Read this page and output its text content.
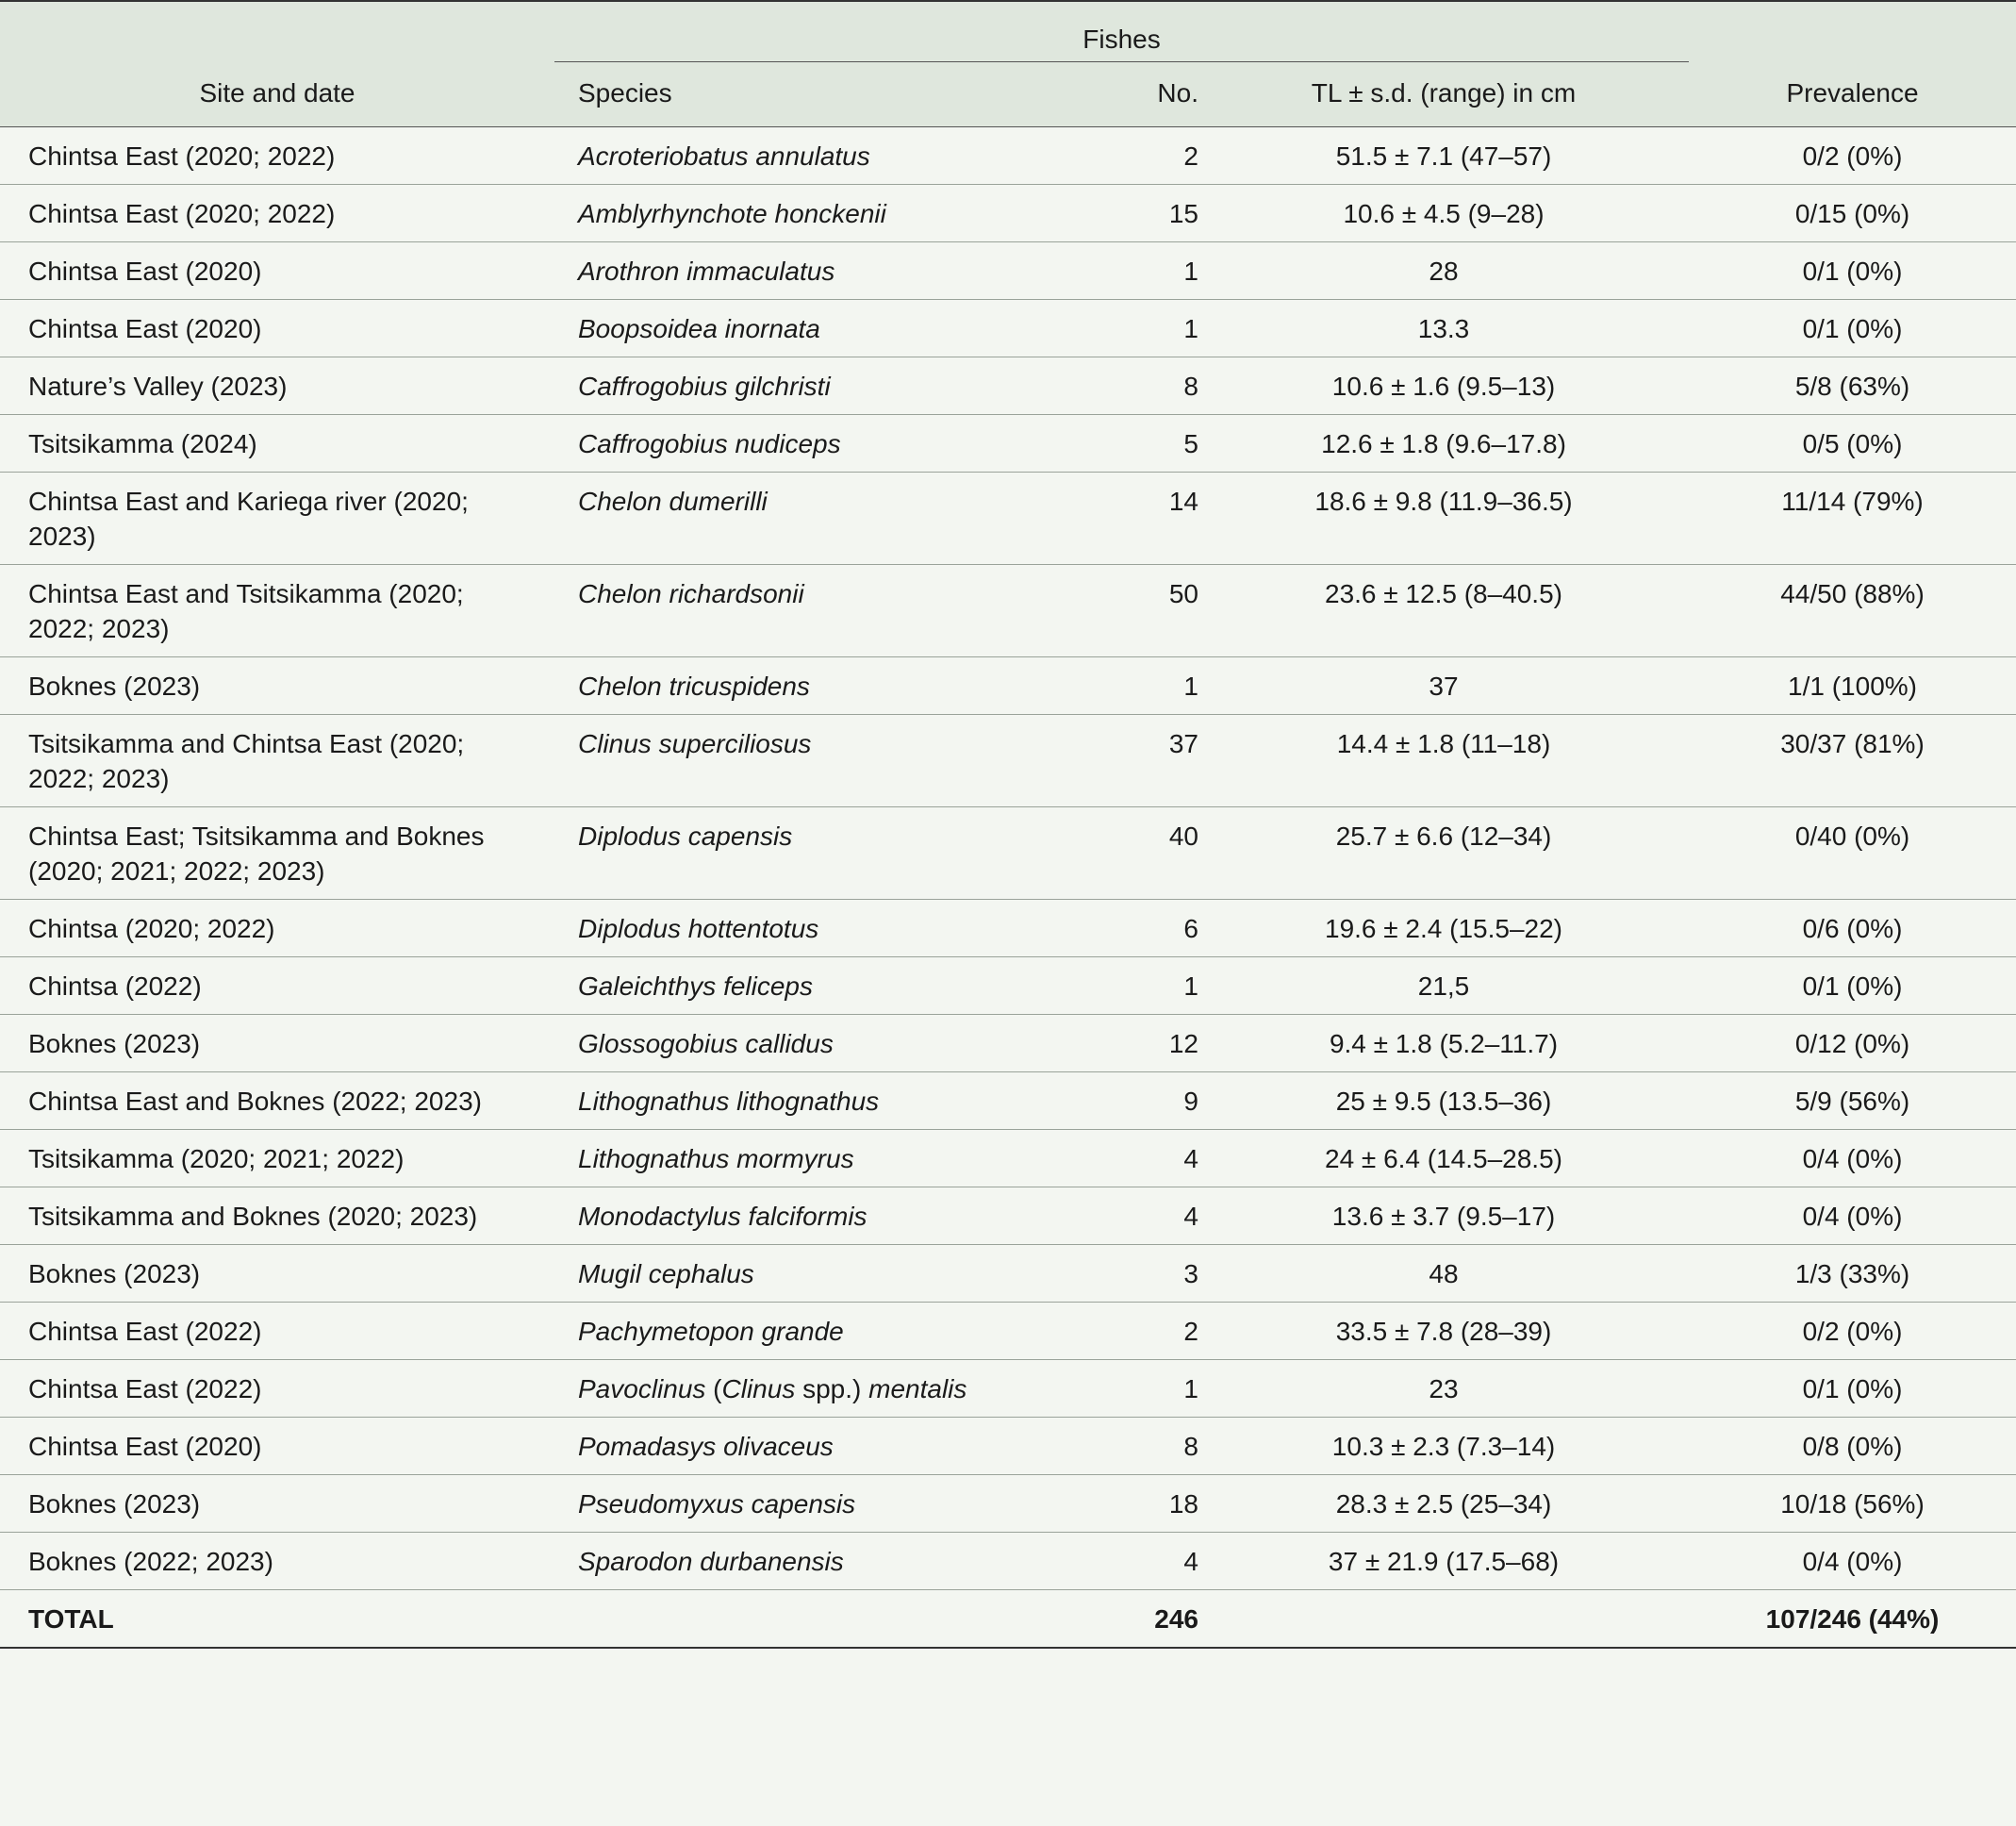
	Fishes		

Site and date	Species	No.	TL ± s.d. (range) in cm	Prevalence
Chintsa East (2020; 2022)	Acroteriobatus annulatus	2	51.5 ± 7.1 (47–57)	0/2 (0%)
Chintsa East (2020; 2022)	Amblyrhynchote honckenii	15	10.6 ± 4.5 (9–28)	0/15 (0%)
Chintsa East (2020)	Arothron immaculatus	1	28	0/1 (0%)
Chintsa East (2020)	Boopsoidea inornata	1	13.3	0/1 (0%)
Nature’s Valley (2023)	Caffrogobius gilchristi	8	10.6 ± 1.6 (9.5–13)	5/8 (63%)
Tsitsikamma (2024)	Caffrogobius nudiceps	5	12.6 ± 1.8 (9.6–17.8)	0/5 (0%)
Chintsa East and Kariega river (2020; 2023)	Chelon dumerilli	14	18.6 ± 9.8 (11.9–36.5)	11/14 (79%)
Chintsa East and Tsitsikamma (2020; 2022; 2023)	Chelon richardsonii	50	23.6 ± 12.5 (8–40.5)	44/50 (88%)
Boknes (2023)	Chelon tricuspidens	1	37	1/1 (100%)
Tsitsikamma and Chintsa East (2020; 2022; 2023)	Clinus superciliosus	37	14.4 ± 1.8 (11–18)	30/37 (81%)
Chintsa East; Tsitsikamma and Boknes (2020; 2021; 2022; 2023)	Diplodus capensis	40	25.7 ± 6.6 (12–34)	0/40 (0%)
Chintsa (2020; 2022)	Diplodus hottentotus	6	19.6 ± 2.4 (15.5–22)	0/6 (0%)
Chintsa (2022)	Galeichthys feliceps	1	21,5	0/1 (0%)
Boknes (2023)	Glossogobius callidus	12	9.4 ± 1.8 (5.2–11.7)	0/12 (0%)
Chintsa East and Boknes (2022; 2023)	Lithognathus lithognathus	9	25 ± 9.5 (13.5–36)	5/9 (56%)
Tsitsikamma (2020; 2021; 2022)	Lithognathus mormyrus	4	24 ± 6.4 (14.5–28.5)	0/4 (0%)
Tsitsikamma and Boknes (2020; 2023)	Monodactylus falciformis	4	13.6 ± 3.7 (9.5–17)	0/4 (0%)
Boknes (2023)	Mugil cephalus	3	48	1/3 (33%)
Chintsa East (2022)	Pachymetopon grande	2	33.5 ± 7.8 (28–39)	0/2 (0%)
Chintsa East (2022)	Pavoclinus (Clinus spp.) mentalis	1	23	0/1 (0%)
Chintsa East (2020)	Pomadasys olivaceus	8	10.3 ± 2.3 (7.3–14)	0/8 (0%)
Boknes (2023)	Pseudomyxus capensis	18	28.3 ± 2.5 (25–34)	10/18 (56%)
Boknes (2022; 2023)	Sparodon durbanensis	4	37 ± 21.9 (17.5–68)	0/4 (0%)
TOTAL		246		107/246 (44%)
